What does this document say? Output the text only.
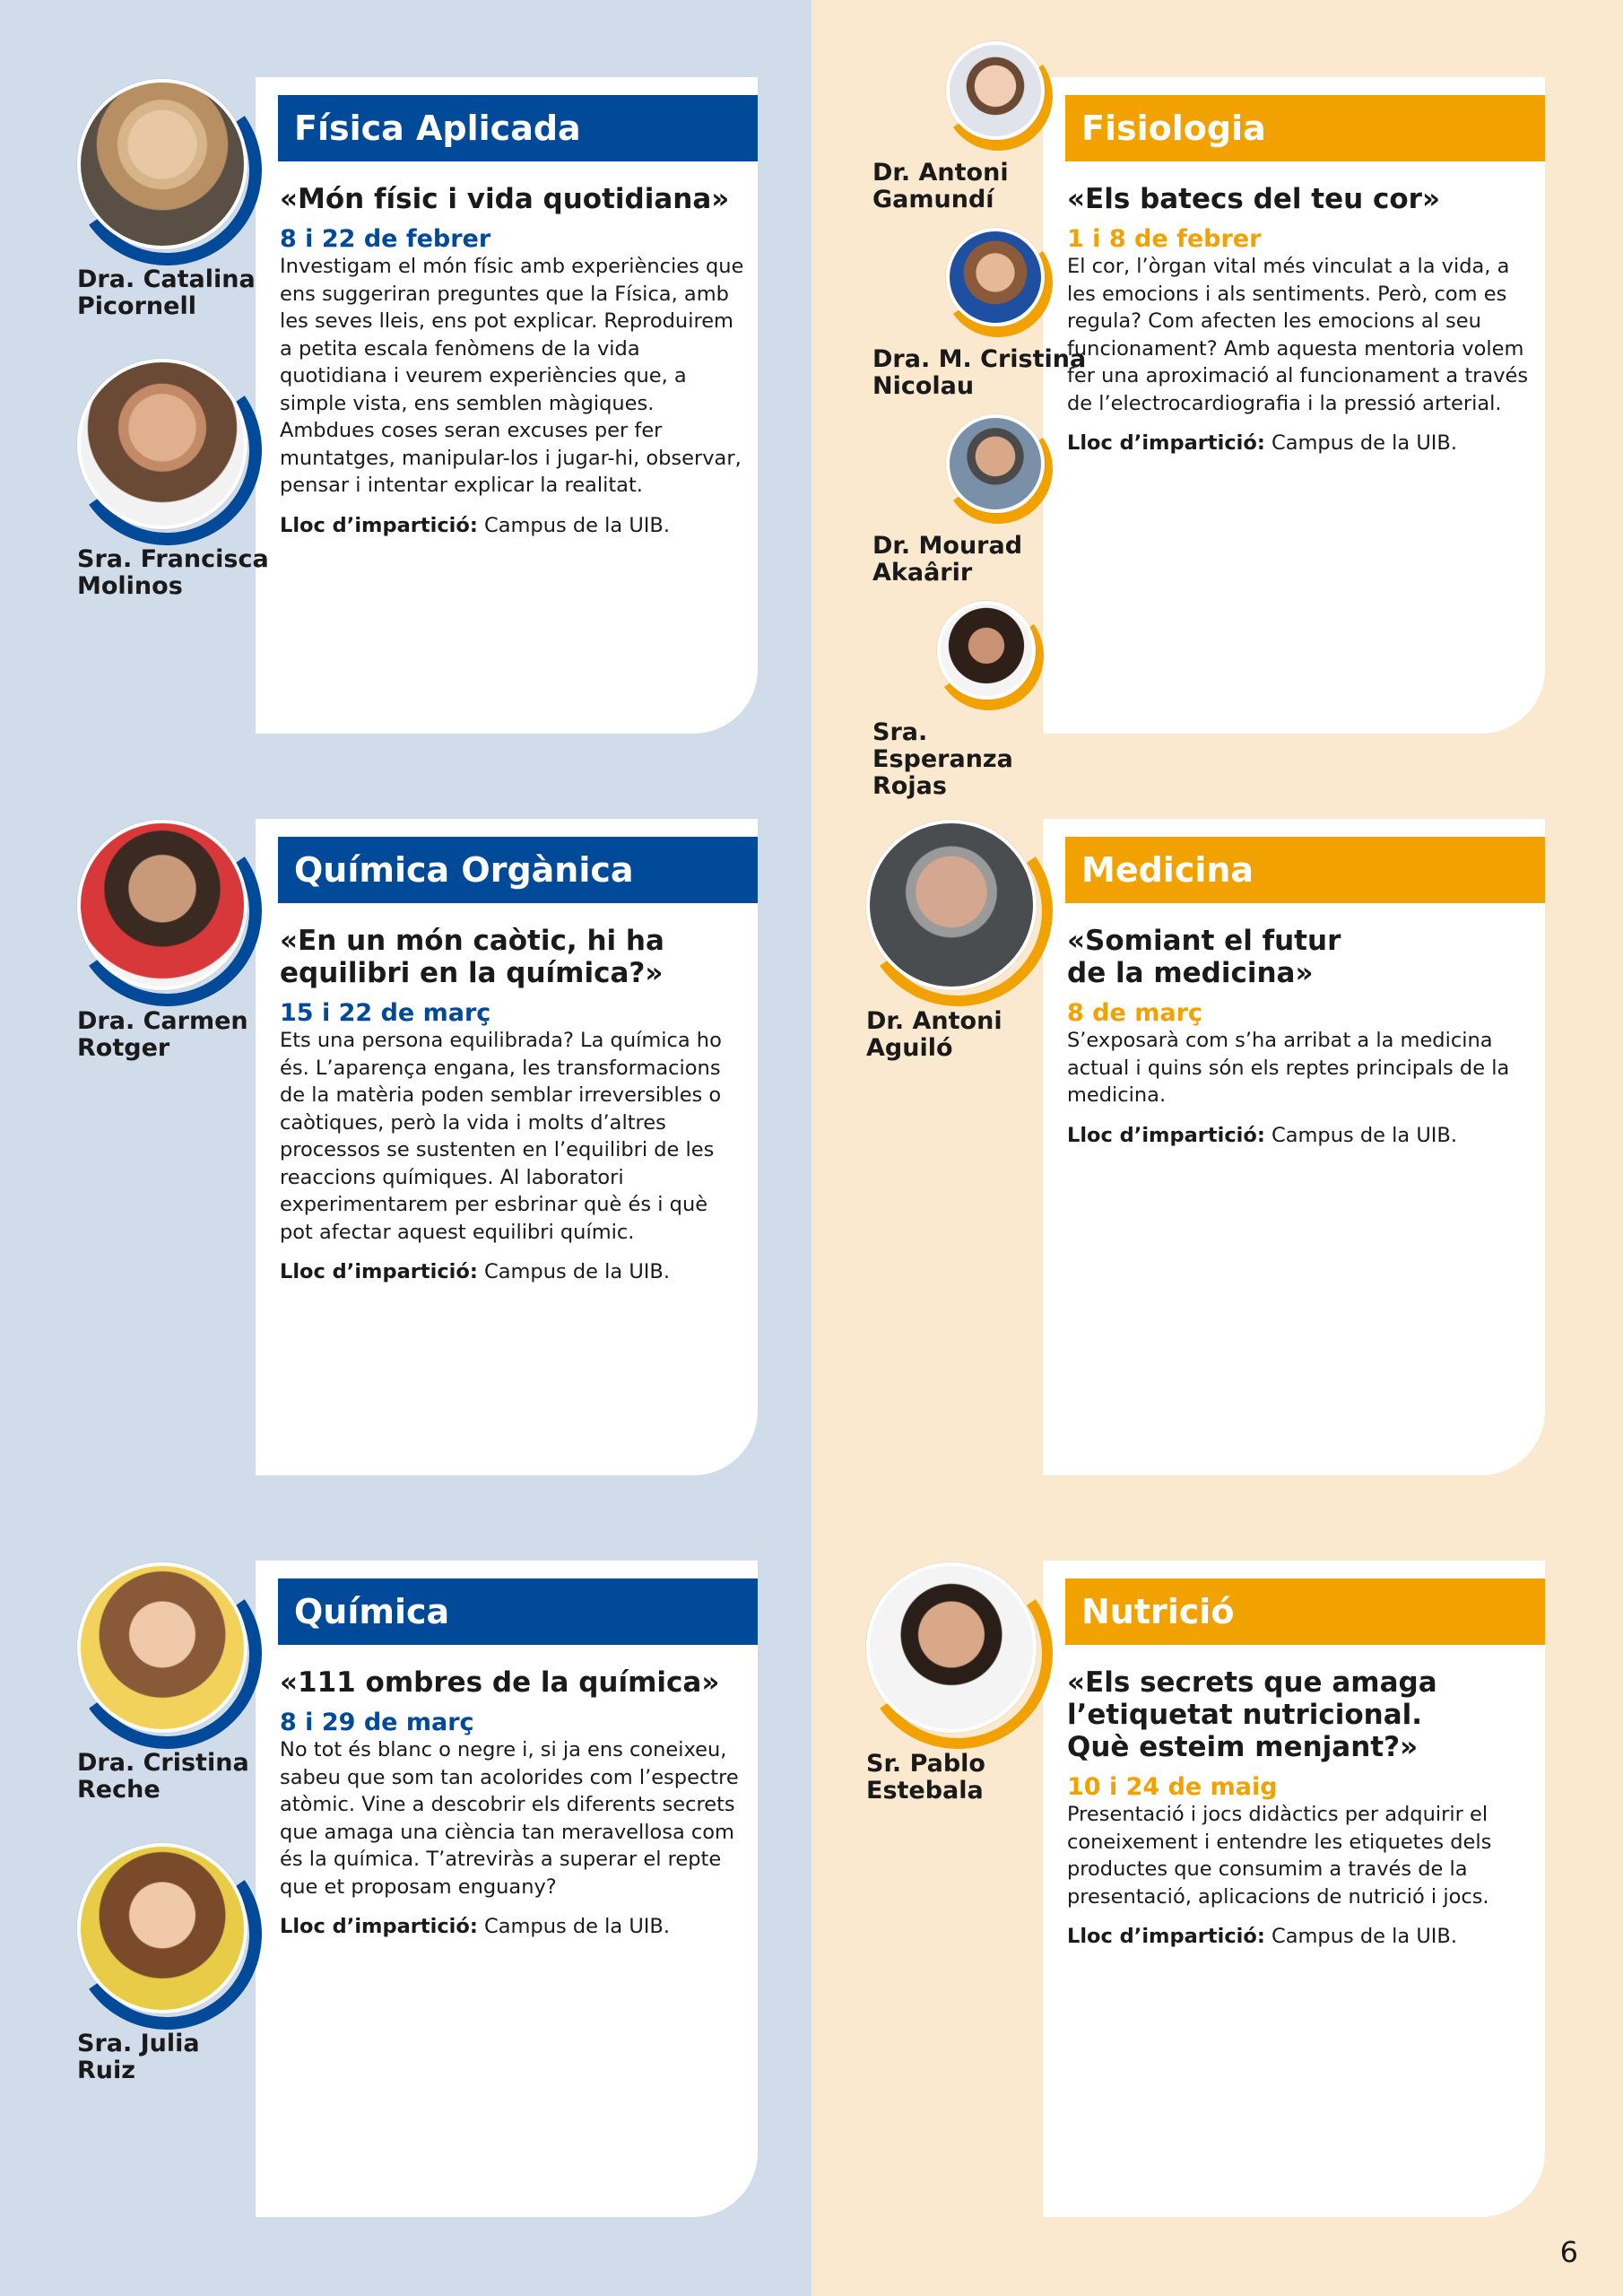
Física Aplicada
«Món físic i vida quotidiana»
8 i 22 de febrer
Investigam el món físic amb experiències que ens suggeriran preguntes que la Física, amb les seves lleis, ens pot explicar. Reproduirem a petita escala fenòmens de la vida quotidiana i veurem experiències que, a simple vista, ens semblen màgiques. Ambdues coses seran excuses per fer muntatges, manipular-los i jugar-hi, observar, pensar i intentar explicar la realitat.
Lloc d’impartició: Campus de la UIB.
Dra. Catalina
Picornell
Sra. Francisca
Molinos
Fisiologia
«Els batecs del teu cor»
1 i 8 de febrer
El cor, l’òrgan vital més vinculat a la vida, a les emocions i als sentiments. Però, com es regula? Com afecten les emocions al seu funcionament? Amb aquesta mentoria volem fer una aproximació al funcionament a través de l’electrocardiografia i la pressió arterial.
Lloc d’impartició: Campus de la UIB.
Dr. Antoni
Gamundí
Dra. M. Cristina
Nicolau
Dr. Mourad
Akaârir
Sra. Esperanza
Rojas
Química Orgànica
«En un món caòtic, hi ha
equilibri en la química?»
15 i 22 de març
Ets una persona equilibrada? La química ho és. L’aparença engana, les transformacions de la matèria poden semblar irreversibles o caòtiques, però la vida i molts d’altres processos se sustenten en l’equilibri de les reaccions químiques. Al laboratori experimentarem per esbrinar què és i què pot afectar aquest equilibri químic.
Lloc d’impartició: Campus de la UIB.
Dra. Carmen
Rotger
Medicina
«Somiant el futur
de la medicina»
8 de març
S’exposarà com s’ha arribat a la medicina actual i quins són els reptes principals de la medicina.
Lloc d’impartició: Campus de la UIB.
Dr. Antoni
Aguiló
Química
«111 ombres de la química»
8 i 29 de març
No tot és blanc o negre i, si ja ens coneixeu, sabeu que som tan acolorides com l’espectre atòmic. Vine a descobrir els diferents secrets que amaga una ciència tan meravellosa com és la química. T’atreviràs a superar el repte que et proposam enguany?
Lloc d’impartició: Campus de la UIB.
Dra. Cristina
Reche
Sra. Julia
Ruiz
Nutrició
«Els secrets que amaga
l’etiquetat nutricional.
Què esteim menjant?»
10 i 24 de maig
Presentació i jocs didàctics per adquirir el coneixement i entendre les etiquetes dels productes que consumim a través de la presentació, aplicacions de nutrició i jocs.
Lloc d’impartició: Campus de la UIB.
Sr. Pablo
Estebala
6
